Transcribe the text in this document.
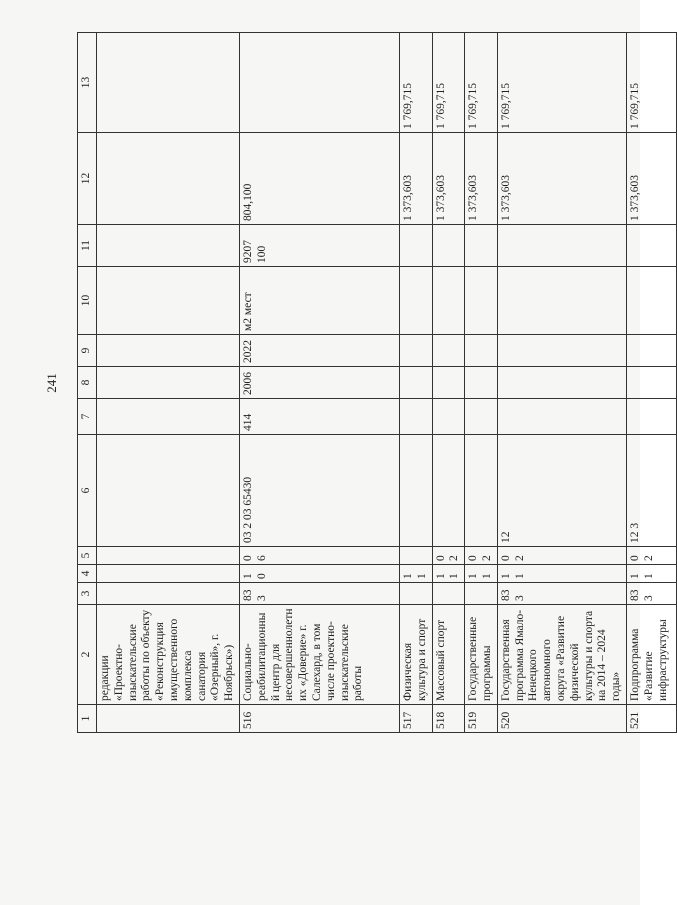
241
1	2	3	4	5	6	7	8	9	10	11	12	13
	редакции «Проектно-изыскательские работы по объекту «Реконструкция имущественного комплекса санатория «Озерный», г. Ноябрьск»)											
516	Социально-реабилитационный центр для несовершеннолетних «Доверие» г. Салехард, в том числе проектно-изыскательские работы	833	10	06	03 2 03 65430	414	2006	2022	м2 мест	9207 100	804,100	
517	Физическая культура и спорт		11								1 373,603	1 769,715
518	Массовый спорт		11	02							1 373,603	1 769,715
519	Государственные программы		11	02							1 373,603	1 769,715
520	Государственная программа Ямало-Ненецкого автономного округа «Развитие физической культуры и спорта на 2014 – 2024 годы»	833	11	02	12						1 373,603	1 769,715
521	Подпрограмма «Развитие инфраструктуры	833	11	02	12 3						1 373,603	1 769,715
